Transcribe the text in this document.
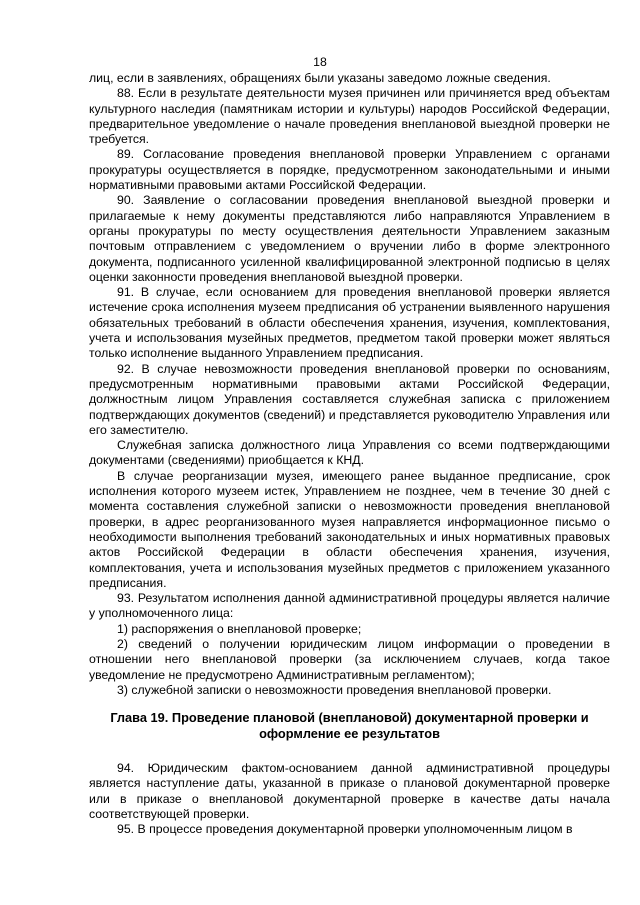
18

лиц, если в заявлениях, обращениях были указаны заведомо ложные сведения.

88. Если в результате деятельности музея причинен или причиняется вред объектам культурного наследия (памятникам истории и культуры) народов Российской Федерации, предварительное уведомление о начале проведения внеплановой выездной проверки не требуется.

89. Согласование проведения внеплановой проверки Управлением с органами прокуратуры осуществляется в порядке, предусмотренном законодательными и иными нормативными правовыми актами Российской Федерации.

90. Заявление о согласовании проведения внеплановой выездной проверки и прилагаемые к нему документы представляются либо направляются Управлением в органы прокуратуры по месту осуществления деятельности Управлением заказным почтовым отправлением с уведомлением о вручении либо в форме электронного документа, подписанного усиленной квалифицированной электронной подписью в целях оценки законности проведения внеплановой выездной проверки.

91. В случае, если основанием для проведения внеплановой проверки является истечение срока исполнения музеем предписания об устранении выявленного нарушения обязательных требований в области обеспечения хранения, изучения, комплектования, учета и использования музейных предметов, предметом такой проверки может являться только исполнение выданного Управлением предписания.

92. В случае невозможности проведения внеплановой проверки по основаниям, предусмотренным нормативными правовыми актами Российской Федерации, должностным лицом Управления составляется служебная записка с приложением подтверждающих документов (сведений) и представляется руководителю Управления или его заместителю.

Служебная записка должностного лица Управления со всеми подтверждающими документами (сведениями) приобщается к КНД.

В случае реорганизации музея, имеющего ранее выданное предписание, срок исполнения которого музеем истек, Управлением не позднее, чем в течение 30 дней с момента составления служебной записки о невозможности проведения внеплановой проверки, в адрес реорганизованного музея направляется информационное письмо о необходимости выполнения требований законодательных и иных нормативных правовых актов Российской Федерации в области обеспечения хранения, изучения, комплектования, учета и использования музейных предметов с приложением указанного предписания.

93. Результатом исполнения данной административной процедуры является наличие у уполномоченного лица:

1) распоряжения о внеплановой проверке;

2) сведений о получении юридическим лицом информации о проведении в отношении него внеплановой проверки (за исключением случаев, когда такое уведомление не предусмотрено Административным регламентом);

3) служебной записки о невозможности проведения внеплановой проверки.

Глава 19. Проведение плановой (внеплановой) документарной проверки и оформление ее результатов

94. Юридическим фактом-основанием данной административной процедуры является наступление даты, указанной в приказе о плановой документарной проверке или в приказе о внеплановой документарной проверке в качестве даты начала соответствующей проверки.

95. В процессе проведения документарной проверки уполномоченным лицом в
